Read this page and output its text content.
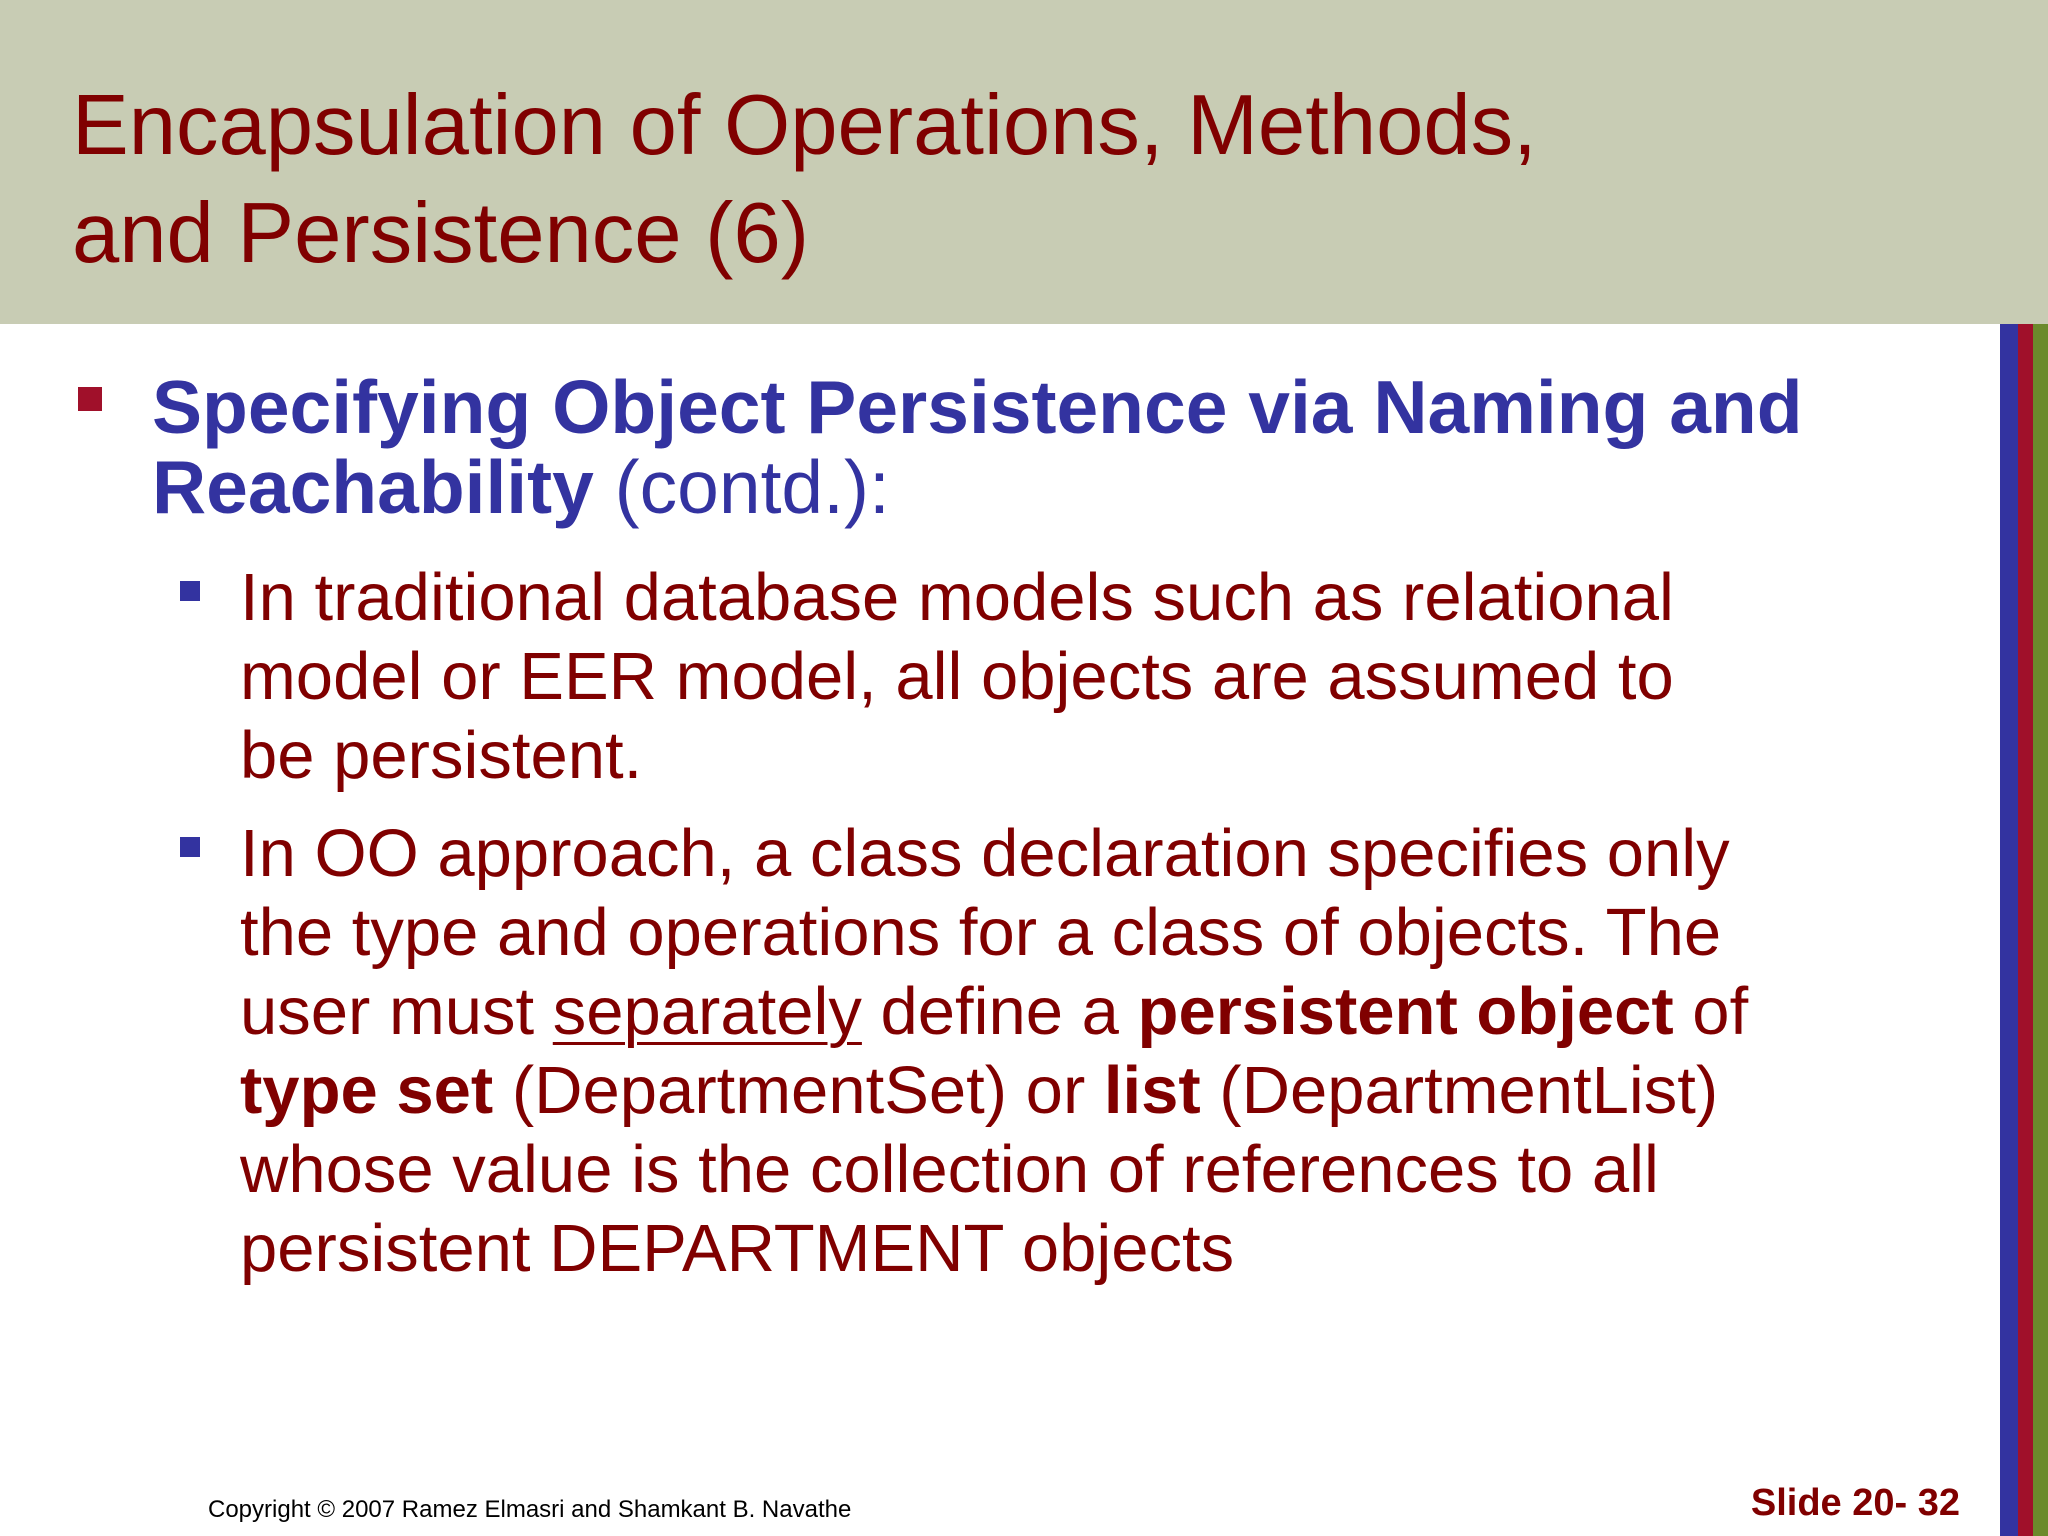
Encapsulation of Operations, Methods,
and Persistence (6)
Specifying Object Persistence via Naming and
Reachability (contd.):
In traditional database models such as relational
model or EER model, all objects are assumed to
be persistent.
In OO approach, a class declaration specifies only
the type and operations for a class of objects. The
user must separately define a persistent object of
type set (DepartmentSet) or list (DepartmentList)
whose value is the collection of references to all
persistent DEPARTMENT objects
Copyright © 2007 Ramez Elmasri and Shamkant B. Navathe	Slide 20- 32
